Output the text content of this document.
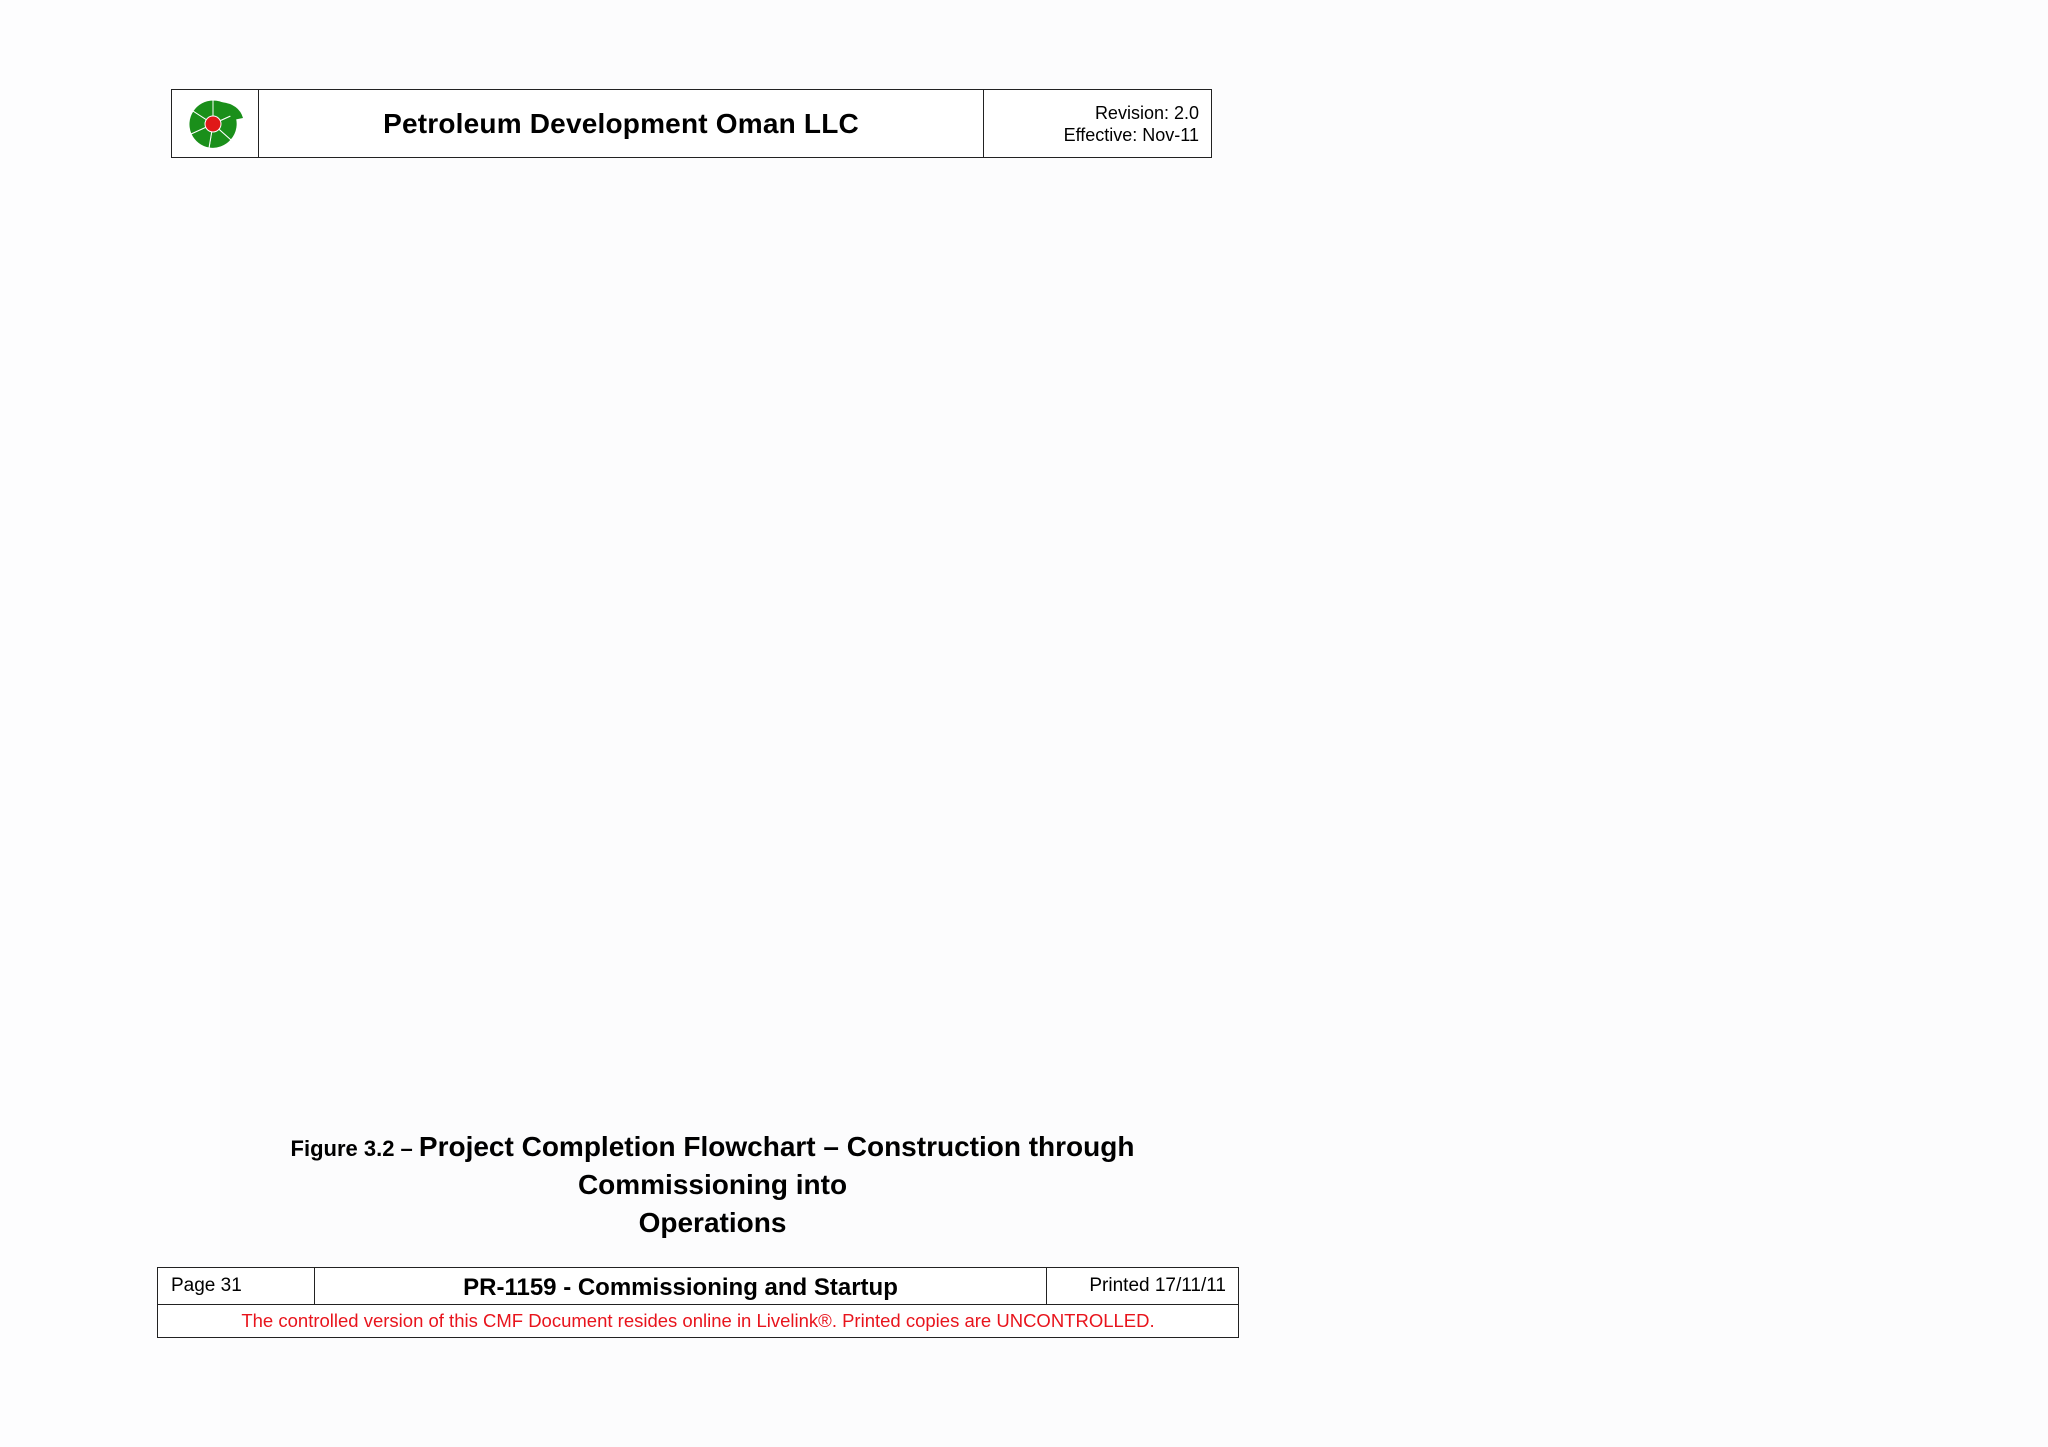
Petroleum Development Oman LLC	Revision: 2.0
Effective: Nov-11
Figure 3.2 – Project Completion Flowchart – Construction through Commissioning into
Operations
Page 31	PR-1159 - Commissioning and Startup	Printed 17/11/11
The controlled version of this CMF Document resides online in Livelink®. Printed copies are UNCONTROLLED.
